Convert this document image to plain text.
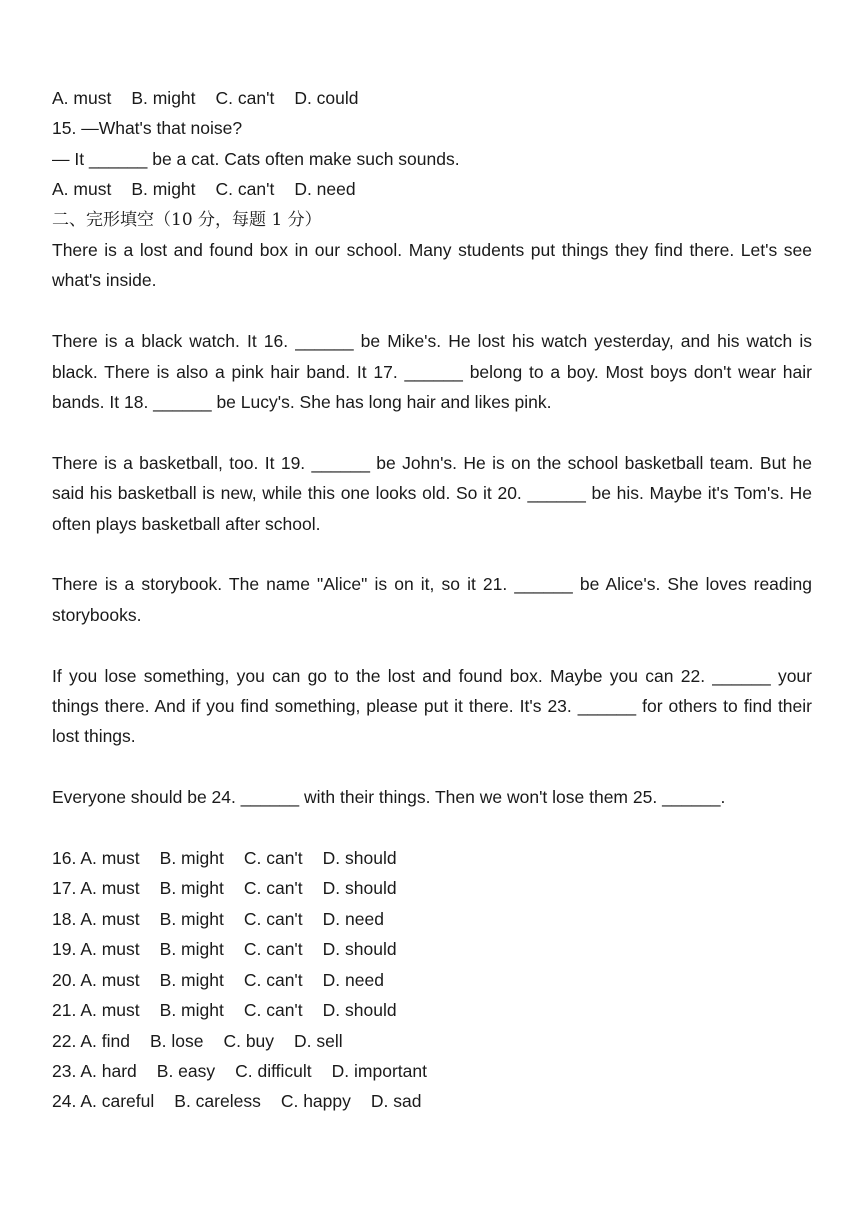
A. must B. might C. can't D. could
15. —What's that noise?
— It ______ be a cat. Cats often make such sounds.
A. must B. might C. can't D. need
二、完形填空（10 分，每题 1 分）

There is a lost and found box in our school. Many students put things they find there. Let's see what's inside.

There is a black watch. It 16. ______ be Mike's. He lost his watch yesterday, and his watch is black. There is also a pink hair band. It 17. ______ belong to a boy. Most boys don't wear hair bands. It 18. ______ be Lucy's. She has long hair and likes pink.

There is a basketball, too. It 19. ______ be John's. He is on the school basketball team. But he said his basketball is new, while this one looks old. So it 20. ______ be his. Maybe it's Tom's. He often plays basketball after school.

There is a storybook. The name "Alice" is on it, so it 21. ______ be Alice's. She loves reading storybooks.

If you lose something, you can go to the lost and found box. Maybe you can 22. ______ your things there. And if you find something, please put it there. It's 23. ______ for others to find their lost things.

Everyone should be 24. ______ with their things. Then we won't lose them 25. ______.

16. A. must B. might C. can't D. should
17. A. must B. might C. can't D. should
18. A. must B. might C. can't D. need
19. A. must B. might C. can't D. should
20. A. must B. might C. can't D. need
21. A. must B. might C. can't D. should
22. A. find B. lose C. buy D. sell
23. A. hard B. easy C. difficult D. important
24. A. careful B. careless C. happy D. sad
